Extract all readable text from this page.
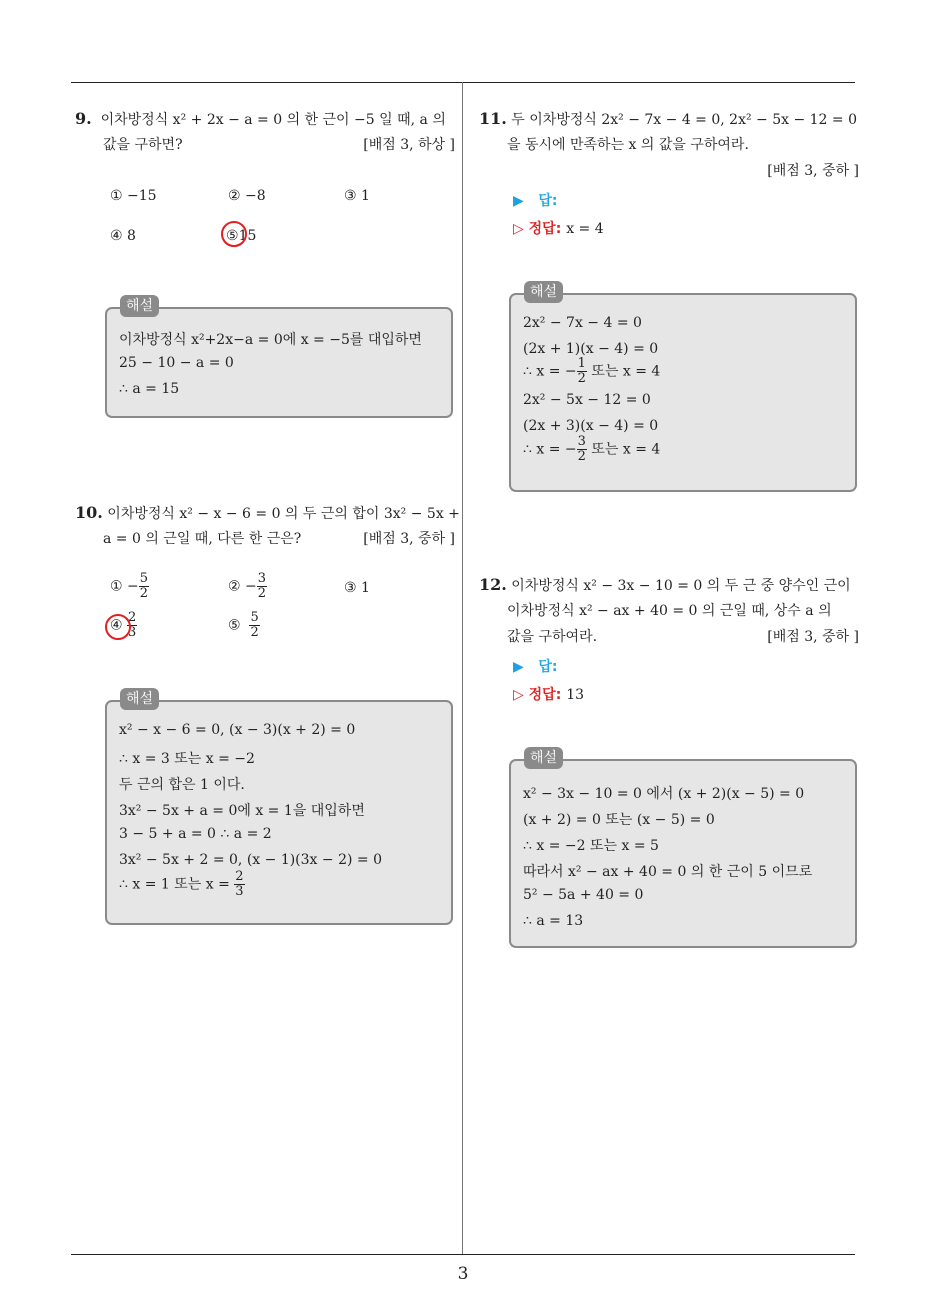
9. 이차방정식 x² + 2x − a = 0 의 한 근이 −5 일 때, a 의
값을 구하면?	[배점 3, 하상 ]
① −15	② −8	③ 1
④ 8	⑤15
이차방정식 x²+2x−a = 0에 x = −5를 대입하면
25 − 10 − a = 0
∴ a = 15
해설
10. 이차방정식 x² − x − 6 = 0 의 두 근의 합이 3x² − 5x +
a = 0 의 근일 때, 다른 한 근은?	[배점 3, 중하 ]
① − $\frac{5}{2}$	② − $\frac{3}{2}$	③ 1
④ $\frac{2}{3}$	⑤ $\frac{5}{2}$
x² − x − 6 = 0, (x − 3)(x + 2) = 0
∴ x = 3 또는 x = −2
두 근의 합은 1 이다.
3x² − 5x + a = 0에 x = 1을 대입하면
3 − 5 + a = 0 ∴ a = 2
3x² − 5x + 2 = 0, (x − 1)(3x − 2) = 0
∴ x = 1 또는 $x = \frac{2}{3}$
해설
11. 두 이차방정식 2x² − 7x − 4 = 0, 2x² − 5x − 12 = 0
을 동시에 만족하는 x 의 값을 구하여라.
[배점 3, 중하 ]
▶ 답:
▷ 정답: x = 4
2x² − 7x − 4 = 0
(2x + 1)(x − 4) = 0
∴ x = − $\frac{1}{2}$ 또는 x = 4
2x² − 5x − 12 = 0
(2x + 3)(x − 4) = 0
∴ x = − $\frac{3}{2}$ 또는 x = 4
해설
12. 이차방정식 x² − 3x − 10 = 0 의 두 근 중 양수인 근이
이차방정식 x² − ax + 40 = 0 의 근일 때, 상수 a 의
값을 구하여라.	[배점 3, 중하 ]
▶ 답:
▷ 정답: 13
x² − 3x − 10 = 0 에서 (x + 2)(x − 5) = 0
(x + 2) = 0 또는 (x − 5) = 0
∴ x = −2 또는 x = 5
따라서 x² − ax + 40 = 0 의 한 근이 5 이므로
5² − 5a + 40 = 0
∴ a = 13
해설
3
